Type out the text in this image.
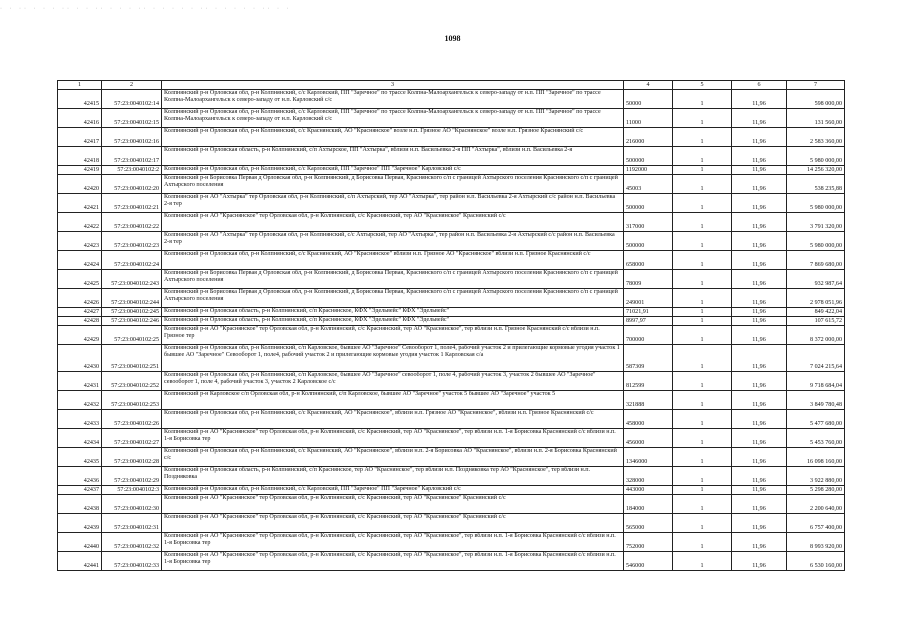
· · ·· · · · ·· · · ·· · · · ·· · · · · · ·· · · · · · ·· · ·
1098
1	2	3	4	5	6	7
42415	57:23:0040102:14	Колпнянский р-н Орловская обл, р-н Колпнянский, с/с Карловский, ПП "Заречное" по трассе Колпна-Малоархангельск к северо-западу от н.п. ПП "Заречное" по трассе Колпна-Малоархангельск к северо-западу от н.п. Карловский с/с	50000	1	11,96	598 000,00
42416	57:23:0040102:15	Колпнянский р-н Орловская обл, р-н Колпнянский, с/с Карловский, ПП "Заречное" по трассе Колпна-Малоархангельск к северо-западу от н.п. ПП "Заречное" по трассе Колпна-Малоархангельск к северо-западу от н.п. Карловский с/с	11000	1	11,96	131 560,00
42417	57:23:0040102:16	Колпнянский р-н Орловская обл, р-н Колпнянский, с/с Краснянский, АО "Краснянское" возле н.п. Грязное АО "Краснянское" возле н.п. Грязное Краснянский с/с	216000	1	11,96	2 583 360,00
42418	57:23:0040102:17	Колпнянский р-н Орловская область, р-н Колпнянский, с/п Ахтырское, ПП "Ахтырка", вблизи н.п. Васильевка 2-я ПП "Ахтырка", вблизи н.п. Васильевка 2-я	500000	1	11,96	5 980 000,00
42419	57:23:0040102:2	Колпнянский р-н Орловская обл, р-н Колпнянский, с/с Карловский, ПП "Заречное" ПП "Заречное" Карловский с/с	1192000	1	11,96	14 256 320,00
42420	57:23:0040102:20	Колпнянский р-н Борисовка Первая д Орловская обл, р-н Колпнянский, д Борисовка Первая, Краснянского с/п с границей Ахтырского поселения Краснянского с/п с границей Ахтырского поселения	45003	1	11,96	538 235,88
42421	57:23:0040102:21	Колпнянский р-н АО "Ахтырка" тер Орловская обл, р-н Колпнянский, с/п Ахтырский, тер АО "Ахтырка", тер район н.п. Васильевка 2-я Ахтырский с/с район н.п. Васильевка 2-я тер	500000	1	11,96	5 980 000,00
42422	57:23:0040102:22	Колпнянский р-н АО "Краснянское" тер Орловская обл, р-н Колпнянский, с/с Краснянский, тер АО "Краснянское" Краснянский с/с	317000	1	11,96	3 791 320,00
42423	57:23:0040102:23	Колпнянский р-н АО "Ахтырка" тер Орловская обл, р-н Колпнянский, с/с Ахтырский, тер АО "Ахтырка", тер район н.п. Васильевка 2-я Ахтырский с/с район н.п. Васильевка 2-я тер	500000	1	11,96	5 980 000,00
42424	57:23:0040102:24	Колпнянский р-н Орловская обл, р-н Колпнянский, с/с Краснянский, АО "Краснянское" вблизи н.п. Грязное АО "Краснянское" вблизи н.п. Грязное Краснянский с/с	658000	1	11,96	7 869 680,00
42425	57:23:0040102:243	Колпнянский р-н Борисовка Первая д Орловская обл, р-н Колпнянский, д Борисовка Первая, Краснянского с/п с границей Ахтырского поселения Краснянского с/п с границей Ахтырского поселения	78009	1	11,96	932 987,64
42426	57:23:0040102:244	Колпнянский р-н Борисовка Первая д Орловская обл, р-н Колпнянский, д Борисовка Первая, Краснянского с/п с границей Ахтырского поселения Краснянского с/п с границей Ахтырского поселения	249001	1	11,96	2 978 051,96
42427	57:23:0040102:245	Колпнянский р-н Орловская область, р-н Колпнянский, с/п Краснянское, КФХ "Эдельвейс" КФХ "Эдельвейс"	71021,91	1	11,96	849 422,04
42428	57:23:0040102:246	Колпнянский р-н Орловская область, р-н Колпнянский, с/п Краснянское, КФХ "Эдельвейс" КФХ "Эдельвейс"	8997,97	1	11,96	107 615,72
42429	57:23:0040102:25	Колпнянский р-н АО "Краснянское" тер Орловская обл, р-н Колпнянский, с/с Краснянский, тер АО "Краснянское", тер вблизи н.п. Грязное Краснянский с/с вблизи н.п. Грязное тер	700000	1	11,96	8 372 000,00
42430	57:23:0040102:251	Колпнянский р-н Орловская обл, р-н Колпнянский, с/п Карловское, бывшее АО "Заречное" Севооборот 1, поле4, рабочий участок 2 и прилегающие кормовые угодия участок 1 бывшее АО "Заречное" Севооборот 1, поле4, рабочий участок 2 и прилегающие кормовые угодия участок 1 Карловская с/а	587309	1	11,96	7 024 215,64
42431	57:23:0040102:252	Колпнянский р-н Орловская обл, р-н Колпнянский, с/п Карловское, бывшее АО "Заречное" севооборот 1, поле 4, рабочий участок 3, участок 2 бывшее АО "Заречное" севооборот 1, поле 4, рабочий участок 3, участок 2 Карловское с/с	812599	1	11,96	9 718 684,04
42432	57:23:0040102:253	Колпнянский р-н Карловское с/п Орловская обл, р-н Колпнянский, с/п Карловское, бывшее АО "Заречное" участок 5 бывшее АО "Заречное" участок 5	321888	1	11,96	3 849 780,48
42433	57:23:0040102:26	Колпнянский р-н Орловская обл, р-н Колпнянский, с/с Краснянский, АО "Краснянское", вблизи н.п. Грязное АО "Краснянское", вблизи н.п. Грязное Краснянский с/с	458000	1	11,96	5 477 680,00
42434	57:23:0040102:27	Колпнянский р-н АО "Краснянское" тер Орловская обл, р-н Колпнянский, с/с Краснянский, тер АО "Краснянское", тер вблизи н.п. 1-я Борисовка Краснянский с/с вблизи н.п. 1-я Борисовка тер	456000	1	11,96	5 453 760,00
42435	57:23:0040102:28	Колпнянский р-н Орловская обл, р-н Колпнянский, с/с Краснянский, АО "Краснянское", вблизи н.п. 2-я Борисовка АО "Краснянское", вблизи н.п. 2-я Борисовка Краснянский с/с	1346000	1	11,96	16 098 160,00
42436	57:23:0040102:29	Колпнянский р-н Орловская область, р-н Колпнянский, с/п Краснянское, тер АО "Краснянское", тер вблизи н.п. Поздняковка тер АО "Краснянское", тер вблизи н.п. Поздняковка	328000	1	11,96	3 922 880,00
42437	57:23:0040102:3	Колпнянский р-н Орловская обл, р-н Колпнянский, с/с Карловский, ПП "Заречное" ПП "Заречное" Карловский с/с	443000	1	11,96	5 298 280,00
42438	57:23:0040102:30	Колпнянский р-н АО "Краснянское" тер Орловская обл, р-н Колпнянский, с/с Краснянский, тер АО "Краснянское" Краснянский с/с	184000	1	11,96	2 200 640,00
42439	57:23:0040102:31	Колпнянский р-н АО "Краснянское" тер Орловская обл, р-н Колпнянский, с/с Краснянский, тер АО "Краснянское" Краснянский с/с	565000	1	11,96	6 757 400,00
42440	57:23:0040102:32	Колпнянский р-н АО "Краснянское" тер Орловская обл, р-н Колпнянский, с/с Краснянский, тер АО "Краснянское", тер вблизи н.п. 1-я Борисовка Краснянский с/с вблизи н.п. 1-я Борисовка тер	752000	1	11,96	8 993 920,00
42441	57:23:0040102:33	Колпнянский р-н АО "Краснянское" тер Орловская обл, р-н Колпнянский, с/с Краснянский, тер АО "Краснянское", тер вблизи н.п. 1-я Борисовка Краснянский с/с вблизи н.п. 1-я Борисовка тер	546000	1	11,96	6 530 160,00
